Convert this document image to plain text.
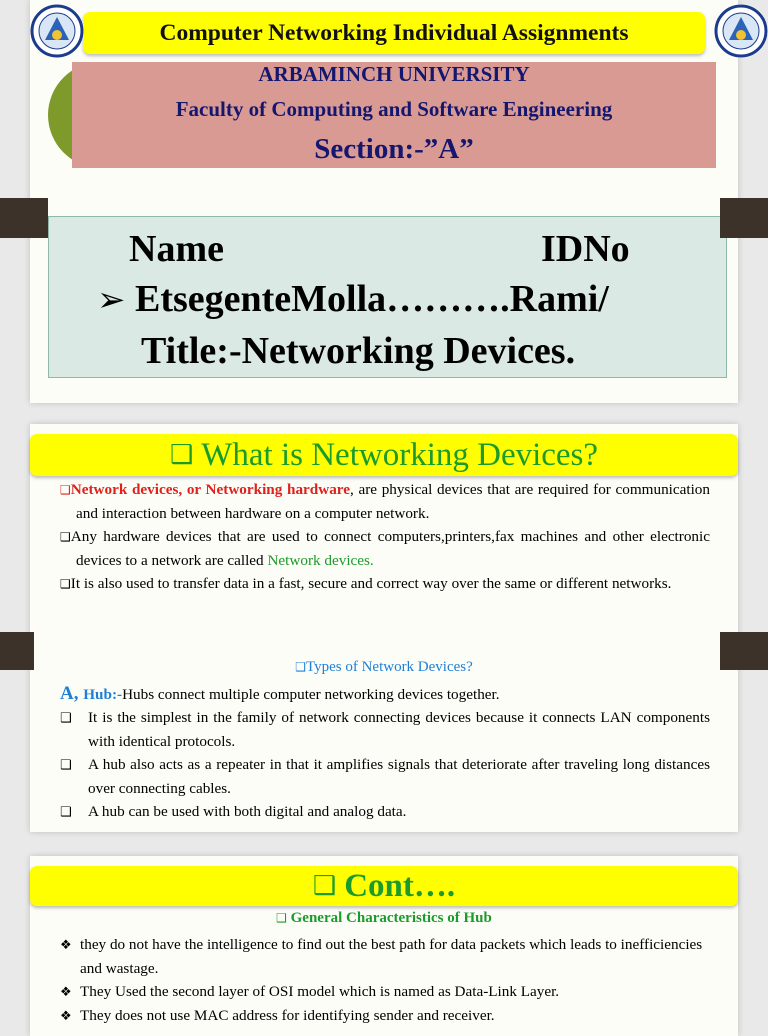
Computer Networking Individual Assignments
ARBAMINCH UNIVERSITY
Faculty of Computing and Software Engineering
Section:-”A”
Name	IDNo
➢ EtsegenteMolla……….Rami/
Title:-Networking Devices.
❑ What is Networking Devices?

❑Network devices, or Networking hardware, are physical devices that are required for communication and interaction between hardware on a computer network.

❑Any hardware devices that are used to connect computers,printers,fax machines and other electronic devices to a network are called Network devices.

❑It is also used to transfer data in a fast, secure and correct way over the same or different networks.

❑Types of Network Devices?

A, Hub:-Hubs connect multiple computer networking devices together.

❑ It is the simplest in the family of network connecting devices because it connects LAN components with identical protocols.

❑ A hub also acts as a repeater in that it amplifies signals that deteriorate after traveling long distances over connecting cables.

❑ A hub can be used with both digital and analog data.

❑ Cont….
❑ General Characteristics of Hub

❖ they do not have the intelligence to find out the best path for data packets which leads to inefficiencies and wastage.

❖ They Used the second layer of OSI model which is named as Data-Link Layer.

❖ They does not use MAC address for identifying sender and receiver.
